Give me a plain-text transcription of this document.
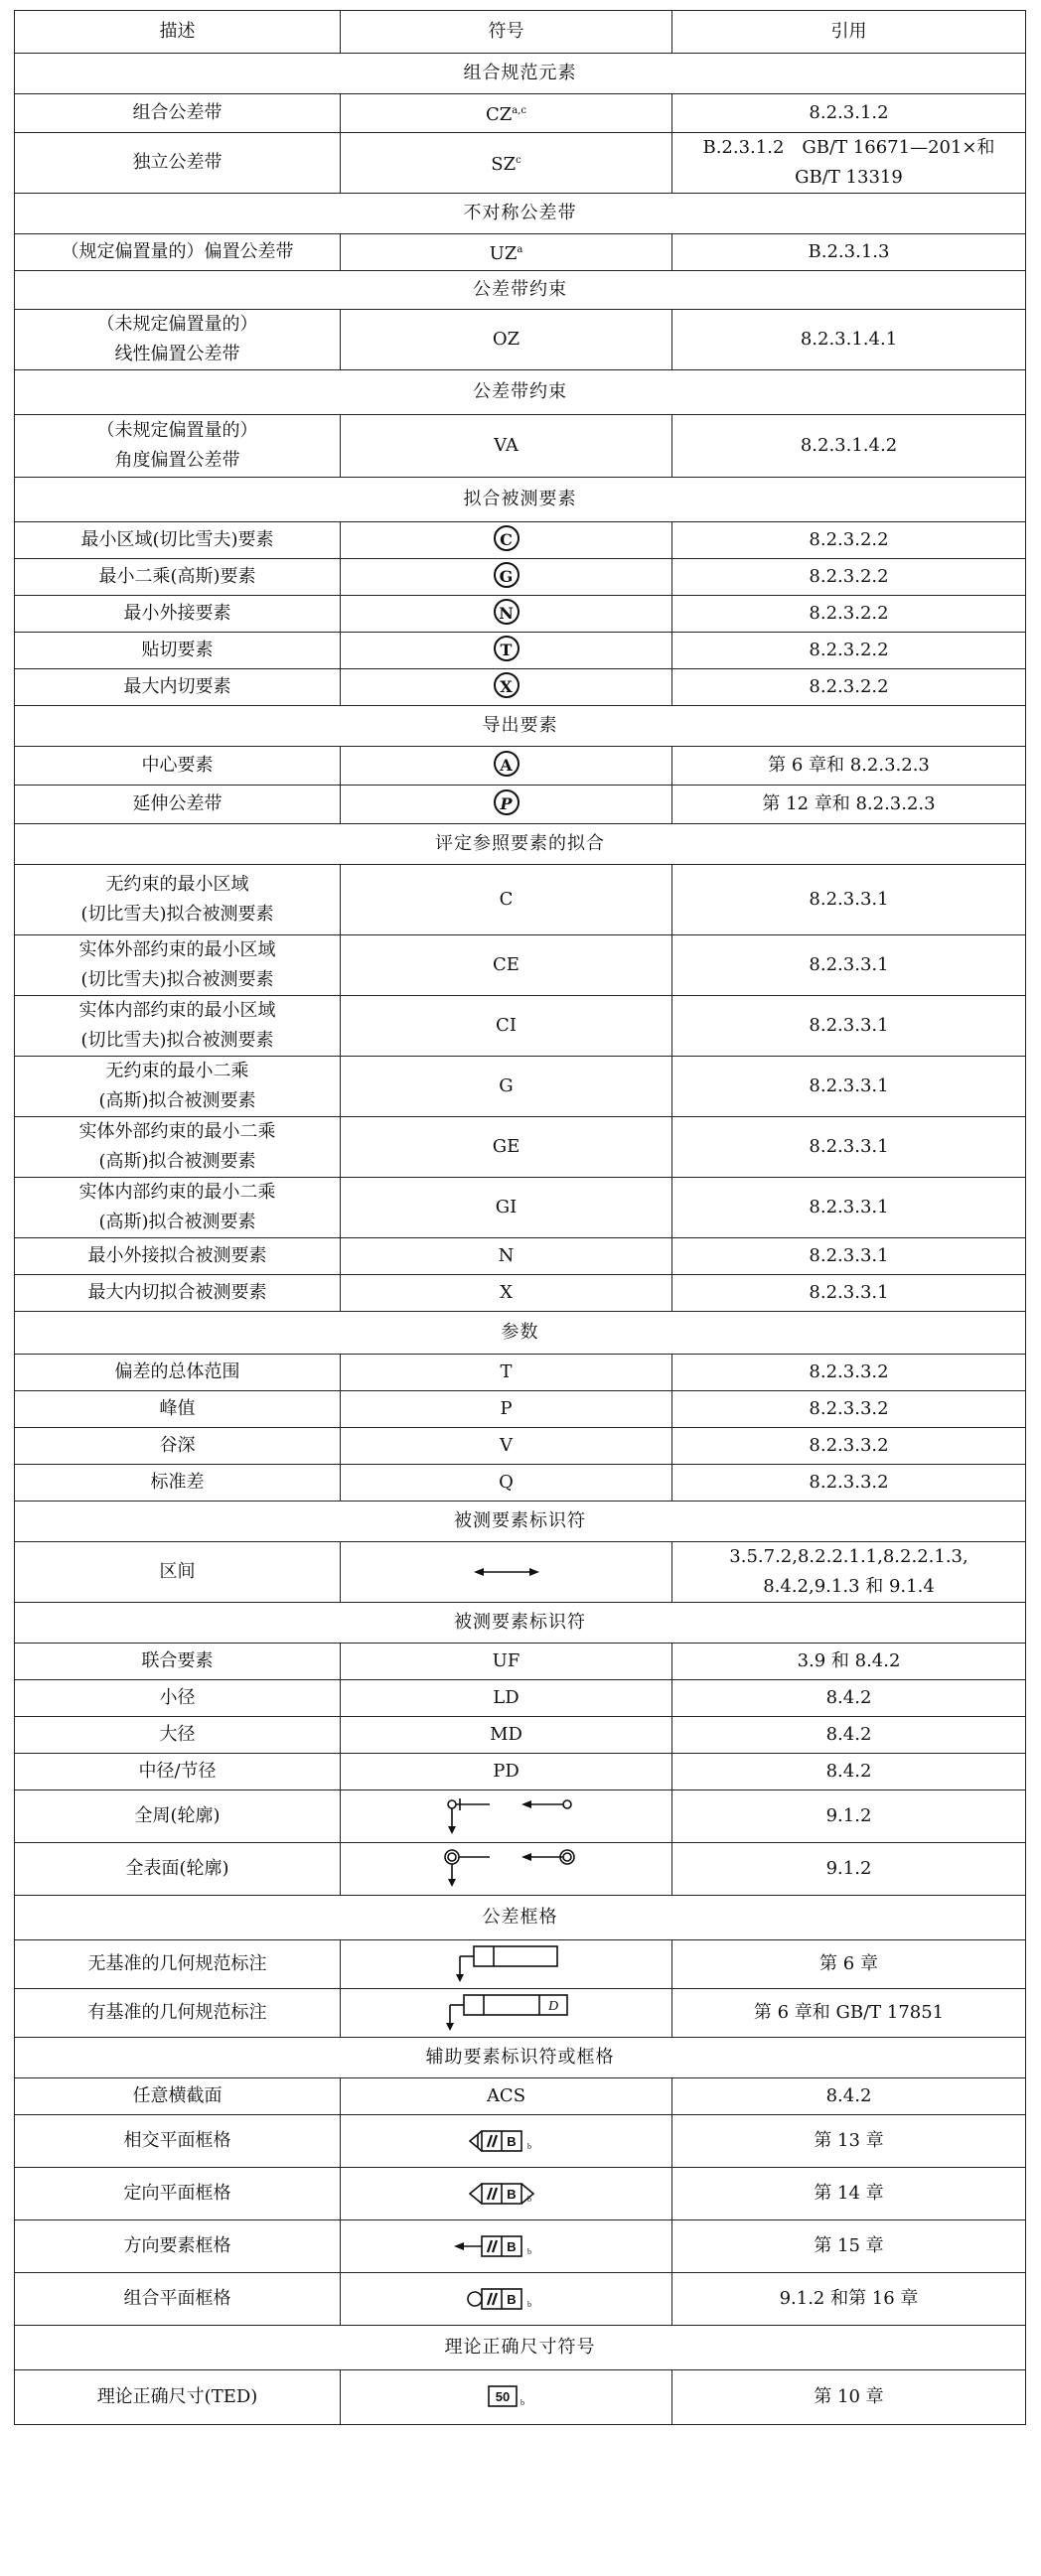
描述	符号	引用
组合规范元素		

组合公差带	CZ$^{a,c}$	8.2.3.1.2

独立公差带	$SZ^c$	B.2.3.1.2　GB/T 16671—201×和
GB/T 13319

不对称公差带		

（规定偏置量的）偏置公差带	$UZ^a$	B.2.3.1.3

公差带约束		

（未规定偏置量的）
线性偏置公差带	OZ	8.2.3.1.4.1

公差带约束		

（未规定偏置量的）
角度偏置公差带	VA	8.2.3.1.4.2

拟合被测要素		

最小区域(切比雪夫)要素	C	8.2.3.2.2

最小二乘(高斯)要素	G	8.2.3.2.2

最小外接要素	N	8.2.3.2.2

贴切要素	T	8.2.3.2.2

最大内切要素	X	8.2.3.2.2

导出要素		

中心要素	A	第 6 章和 8.2.3.2.3

延伸公差带	P	第 12 章和 8.2.3.2.3

评定参照要素的拟合		

无约束的最小区域
(切比雪夫)拟合被测要素	C	8.2.3.3.1

实体外部约束的最小区域
(切比雪夫)拟合被测要素	CE	8.2.3.3.1

实体内部约束的最小区域
(切比雪夫)拟合被测要素	CI	8.2.3.3.1

无约束的最小二乘
(高斯)拟合被测要素	G	8.2.3.3.1

实体外部约束的最小二乘
(高斯)拟合被测要素	GE	8.2.3.3.1

实体内部约束的最小二乘
(高斯)拟合被测要素	GI	8.2.3.3.1

最小外接拟合被测要素	N	8.2.3.3.1

最大内切拟合被测要素	X	8.2.3.3.1

参数		

偏差的总体范围	T	8.2.3.3.2

峰值	P	8.2.3.3.2

谷深	V	8.2.3.3.2

标准差	Q	8.2.3.3.2

被测要素标识符		

区间		3.5.7.2,8.2.2.1.1,8.2.2.1.3,
8.4.2,9.1.3 和 9.1.4

被测要素标识符		

联合要素	UF	3.9 和 8.4.2

小径	LD	8.4.2

大径	MD	8.4.2

中径/节径	PD	8.4.2

全周(轮廓)		9.1.2

全表面(轮廓)		9.1.2

公差框格		

无基准的几何规范标注		第 6 章

有基准的几何规范标注	D	第 6 章和 GB/T 17851

辅助要素标识符或框格		

任意横截面	ACS	8.4.2

相交平面框格	B b	第 13 章

定向平面框格	B b	第 14 章

方向要素框格	B b	第 15 章

组合平面框格	B b	9.1.2 和第 16 章

理论正确尺寸符号		

理论正确尺寸(TED)	50 b	第 10 章
